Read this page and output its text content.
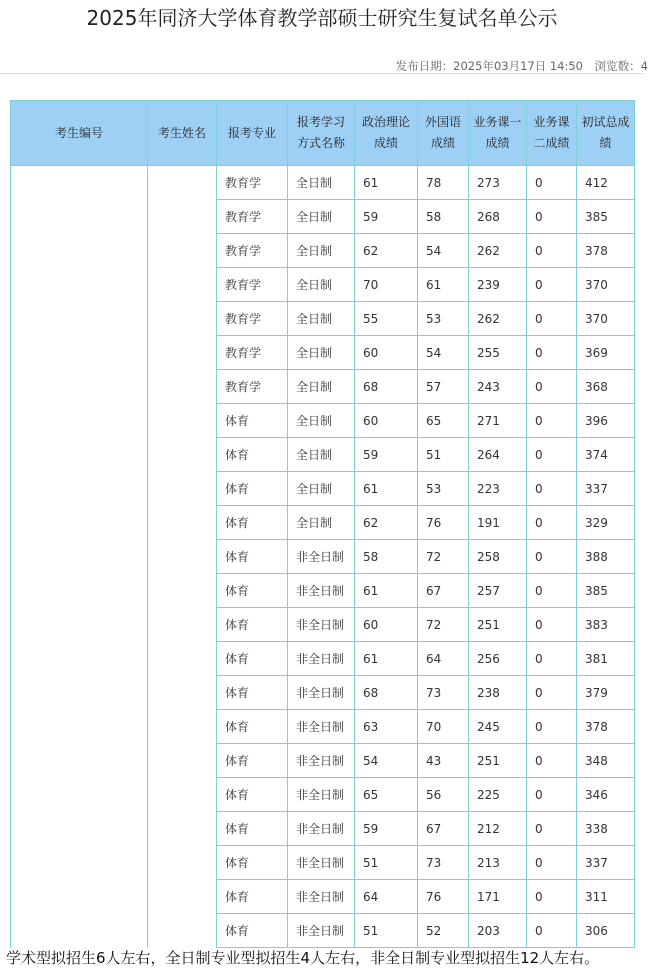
2025年同济大学体育教学部硕士研究生复试名单公示
发布日期：2025年03月17日 14:50 浏览数：4
考生编号	考生姓名	报考专业	报考学习方式名称	政治理论成绩	外国语成绩	业务课一成绩	业务课二成绩	初试总成绩
		教育学	全日制	61	78	273	0	412
		教育学	全日制	59	58	268	0	385
		教育学	全日制	62	54	262	0	378
		教育学	全日制	70	61	239	0	370
		教育学	全日制	55	53	262	0	370
		教育学	全日制	60	54	255	0	369
		教育学	全日制	68	57	243	0	368
		体育	全日制	60	65	271	0	396
		体育	全日制	59	51	264	0	374
		体育	全日制	61	53	223	0	337
		体育	全日制	62	76	191	0	329
		体育	非全日制	58	72	258	0	388
		体育	非全日制	61	67	257	0	385
		体育	非全日制	60	72	251	0	383
		体育	非全日制	61	64	256	0	381
		体育	非全日制	68	73	238	0	379
		体育	非全日制	63	70	245	0	378
		体育	非全日制	54	43	251	0	348
		体育	非全日制	65	56	225	0	346
		体育	非全日制	59	67	212	0	338
		体育	非全日制	51	73	213	0	337
		体育	非全日制	64	76	171	0	311
		体育	非全日制	51	52	203	0	306
学术型拟招生6人左右，全日制专业型拟招生4人左右，非全日制专业型拟招生12人左右。
